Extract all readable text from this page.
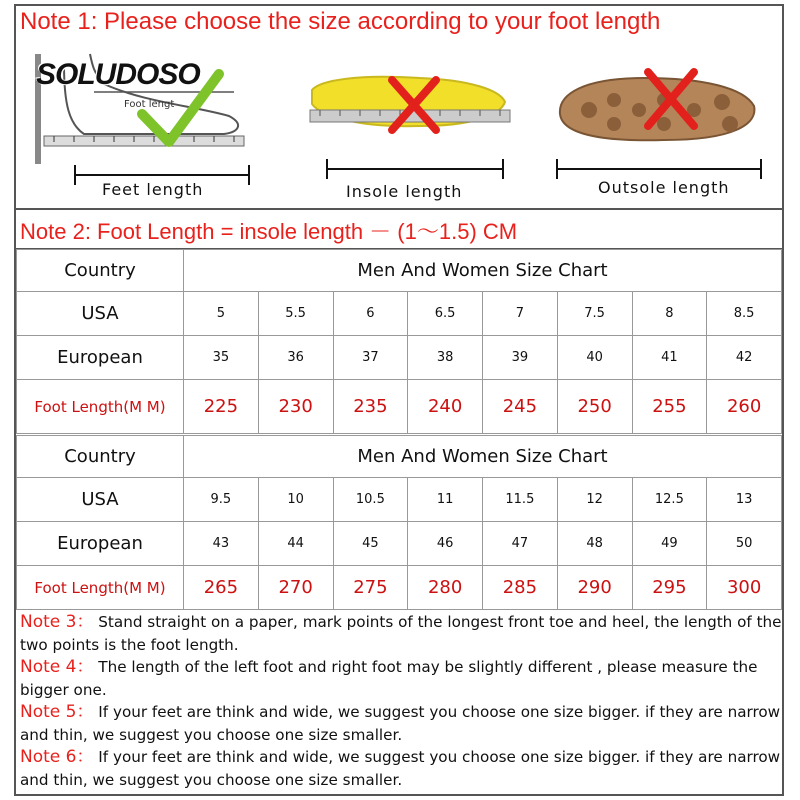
Note 1: Please choose the size according to your foot length
Foot lengt
SOLUDOSO
Feet length	Insole length	Outsole length
Note 2: Foot Length = insole length － (1～1.5) CM
Country	Men And Women Size Chart							
USA	5	5.5	6	6.5	7	7.5	8	8.5
European	35	36	37	38	39	40	41	42
Foot Length(M M)	225	230	235	240	245	250	255	260
Country	Men And Women Size Chart							
USA	9.5	10	10.5	11	11.5	12	12.5	13
European	43	44	45	46	47	48	49	50
Foot Length(M M)	265	270	275	280	285	290	295	300

Note 3： Stand straight on a paper, mark points of the longest front toe and heel, the length of the two points is the foot length.

Note 4： The length of the left foot and right foot may be slightly different , please measure the bigger one.

Note 5： If your feet are think and wide, we suggest you choose one size bigger. if they are narrow and thin, we suggest you choose one size smaller.

Note 6： If your feet are think and wide, we suggest you choose one size bigger. if they are narrow and thin, we suggest you choose one size smaller.
